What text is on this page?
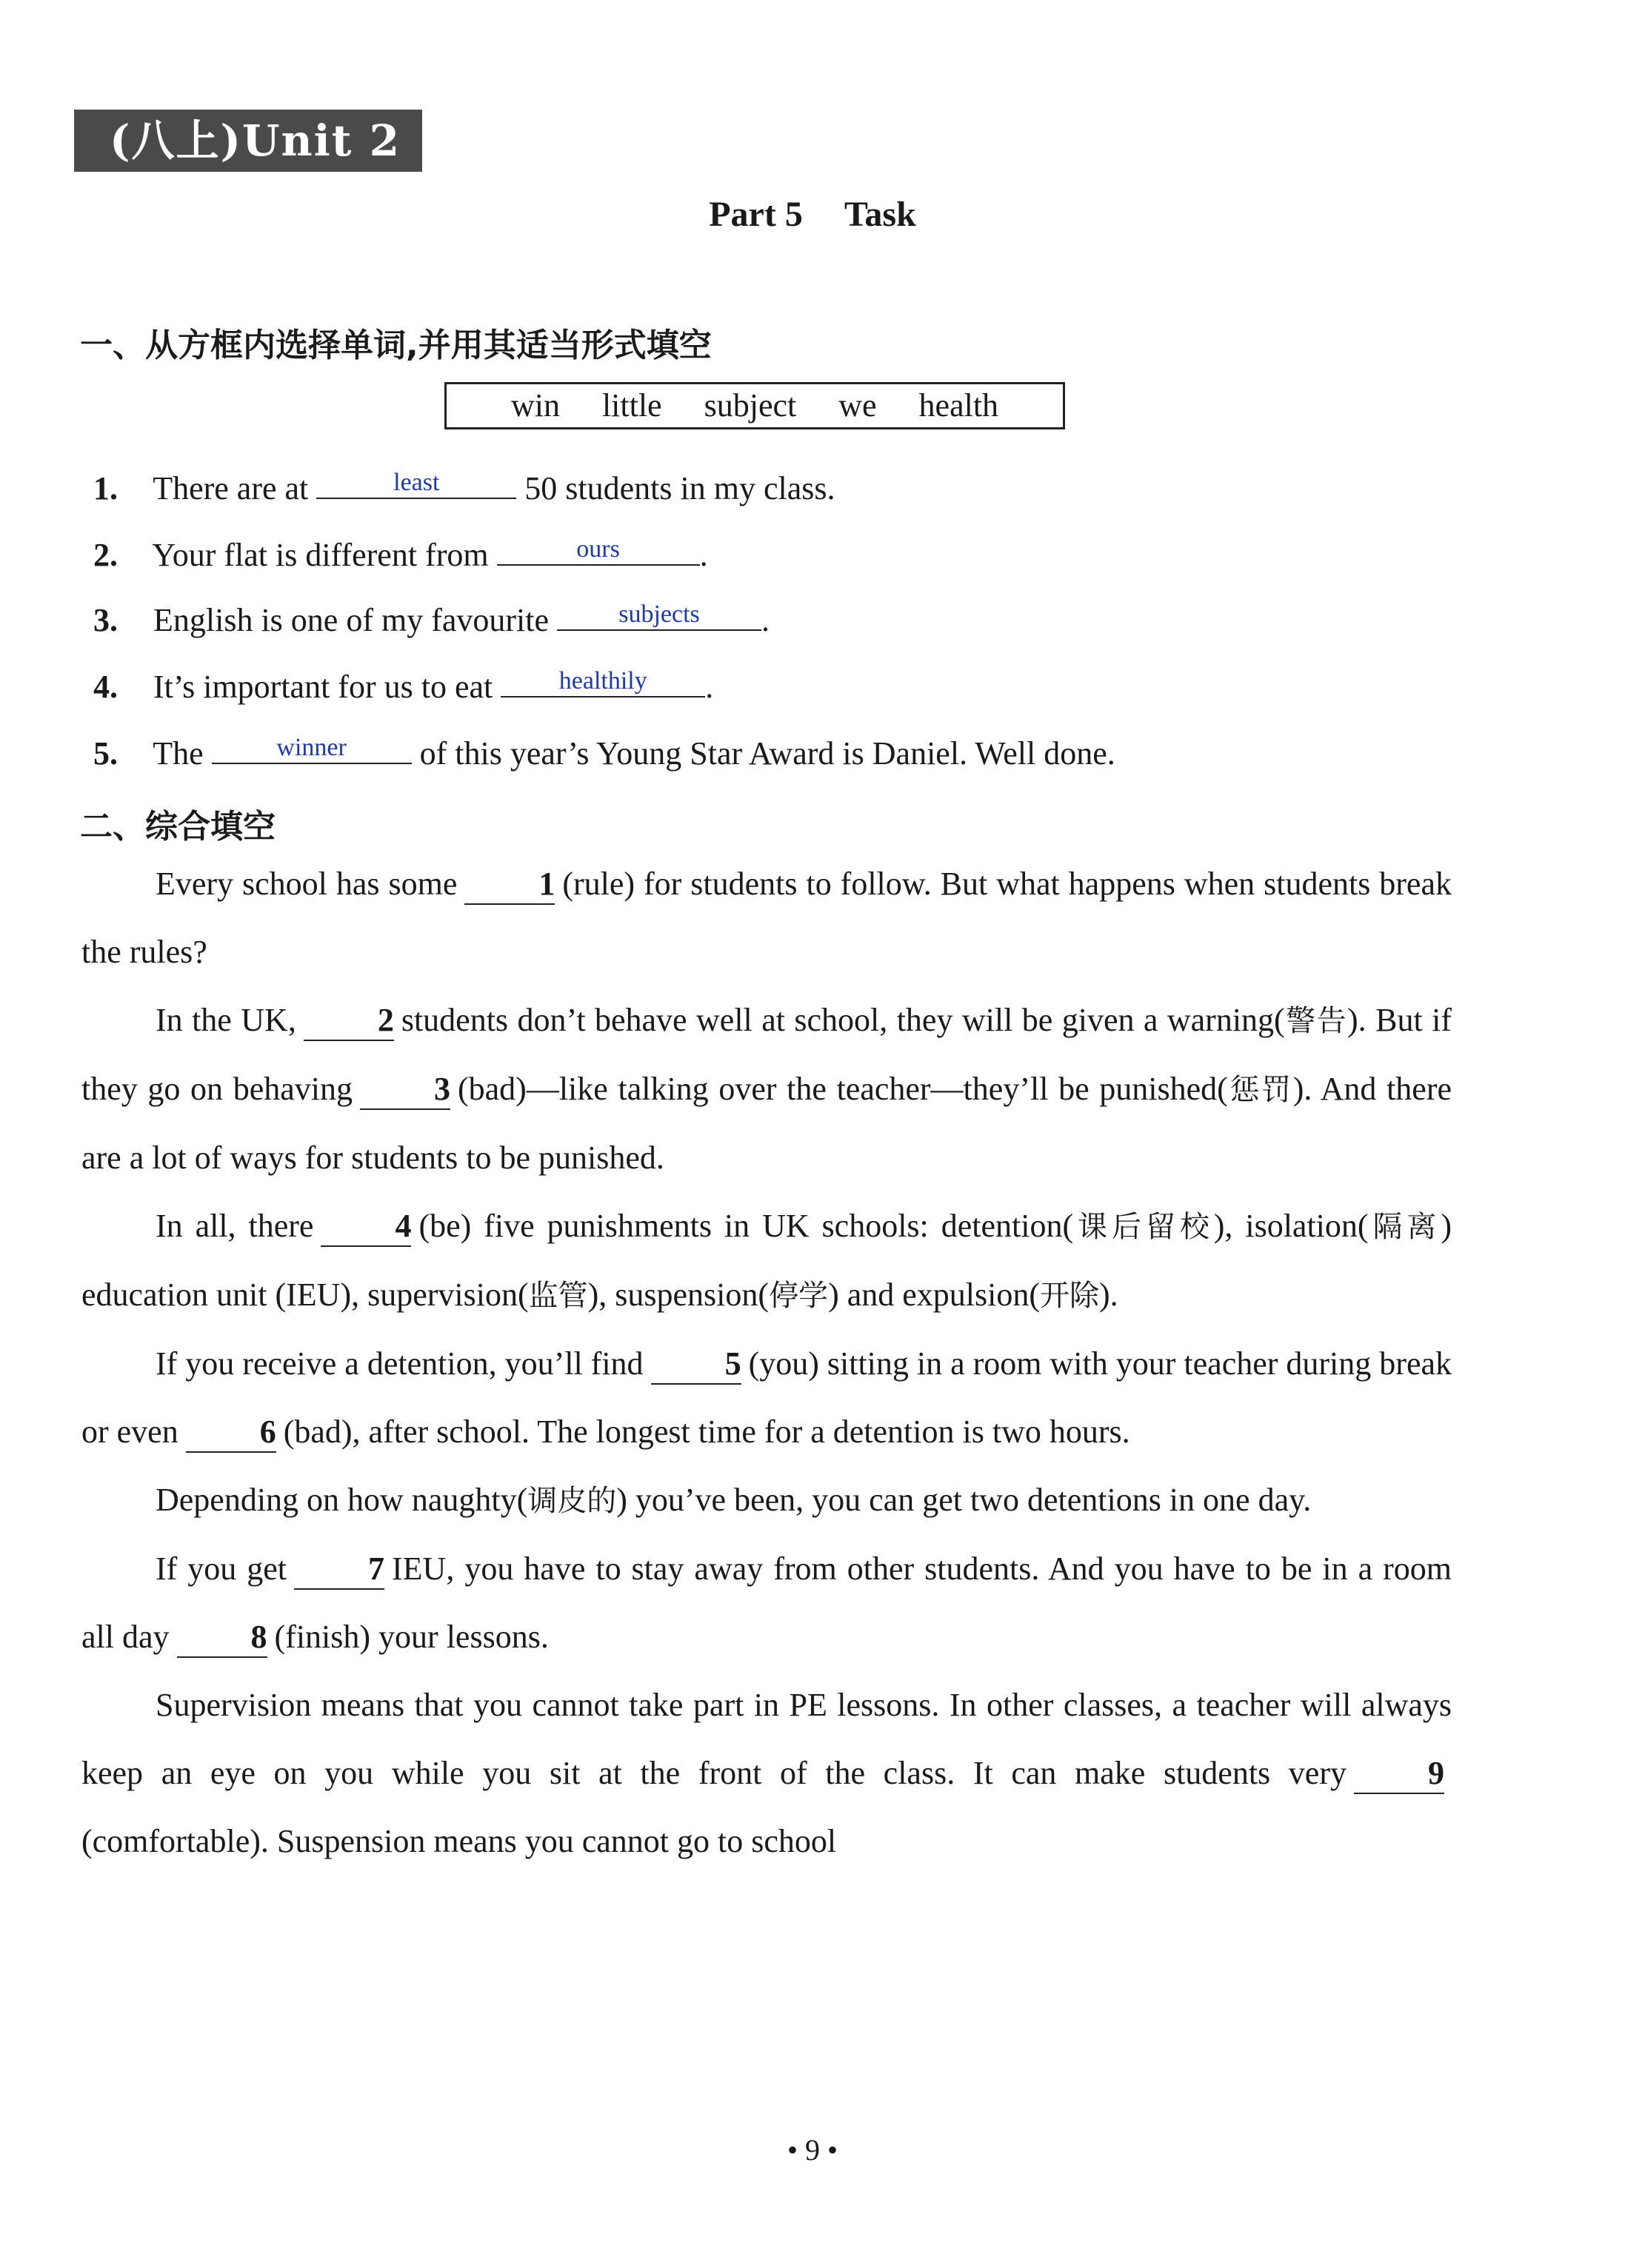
(八上)Unit 2
Part 5 Task
一、从方框内选择单词,并用其适当形式填空
win little subject we health
1. There are at	least	50 students in my class.
2. Your flat is different from	ours	.
3. English is one of my favourite	subjects	.
4. It’s important for us to eat	healthily	.
5. The	winner	of this year’s Young Star Award is Daniel. Well done.
二、综合填空

Every school has some	1 (rule) for students to follow. But what happens when students break the rules?

In the UK,	2 students don’t behave well at school, they will be given a warning(警告). But if they go on behaving	3 (bad)—like talking over the teacher—they’ll be punished(惩罚). And there are a lot of ways for students to be punished.

In all, there	4 (be) five punishments in UK schools: detention(课后留校), isolation(隔离) education unit (IEU), supervision(监管), suspension(停学) and expulsion(开除).

If you receive a detention, you’ll find	5 (you) sitting in a room with your teacher during break or even	6 (bad), after school. The longest time for a detention is two hours.

Depending on how naughty(调皮的) you’ve been, you can get two detentions in one day.

If you get	7 IEU, you have to stay away from other students. And you have to be in a room all day	8 (finish) your lessons.

Supervision means that you cannot take part in PE lessons. In other classes, a teacher will always keep an eye on you while you sit at the front of the class. It can make students very	9(comfortable). Suspension means you cannot go to school

• 9 •
